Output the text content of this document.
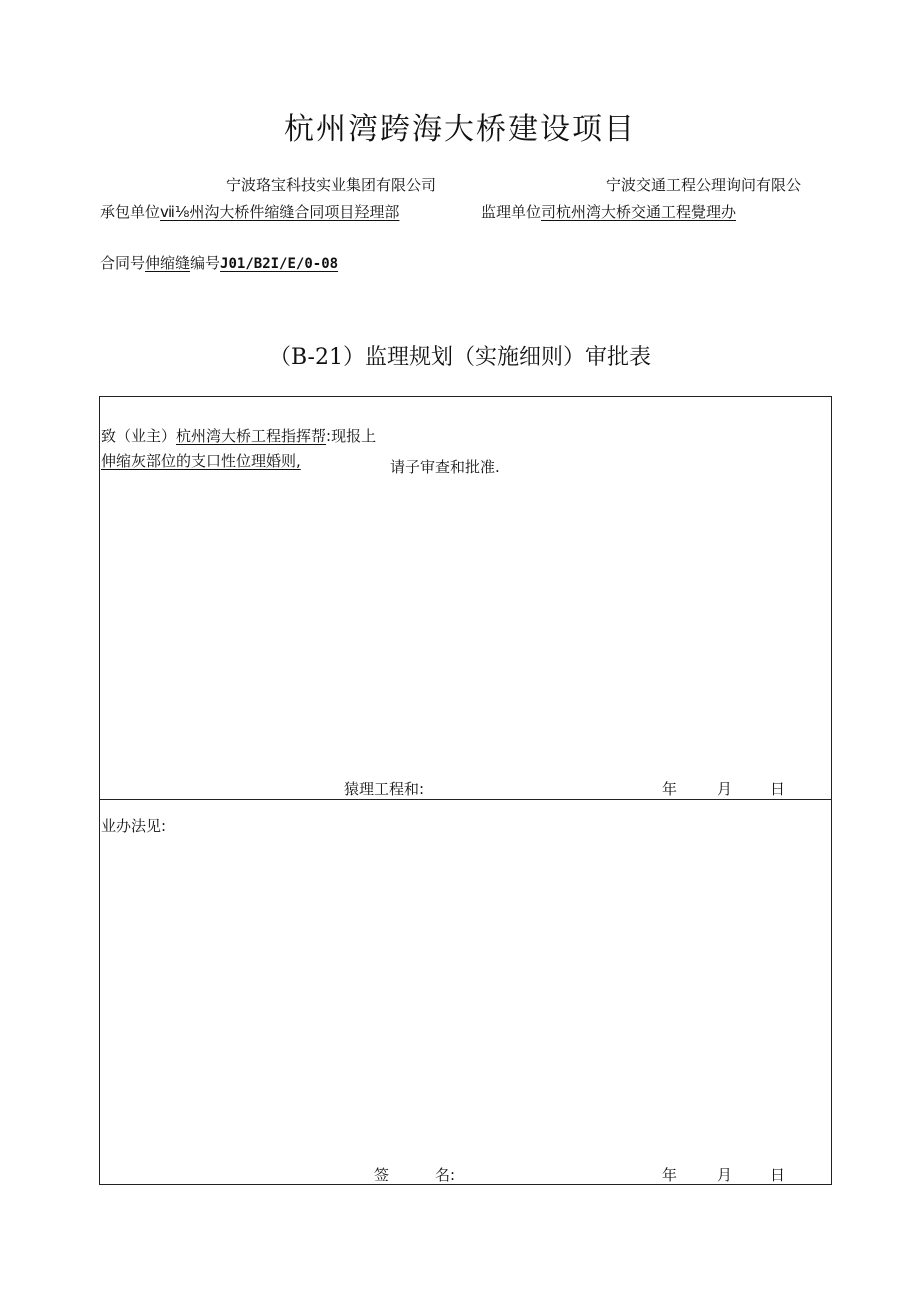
杭州湾跨海大桥建设项目
宁波珞宝科技实业集团有限公司	宁波交通工程公理询问有限公
承包单位ⅶ⅛州沟大桥件缩缝合同项目羟理部	监理单位司杭州湾大桥交通工程覺理办
合同号伸缩缝编号J01/B2I/E/0-08
（B-21）监理规划（实施细则）审批表
致（业主）杭州湾大桥工程指挥帮:现报上
伸缩灰部位的支口性位理婚则,	请子审查和批准.
猿理工程和:	年	月	日
业办法见:
签	名:	年	月	日
